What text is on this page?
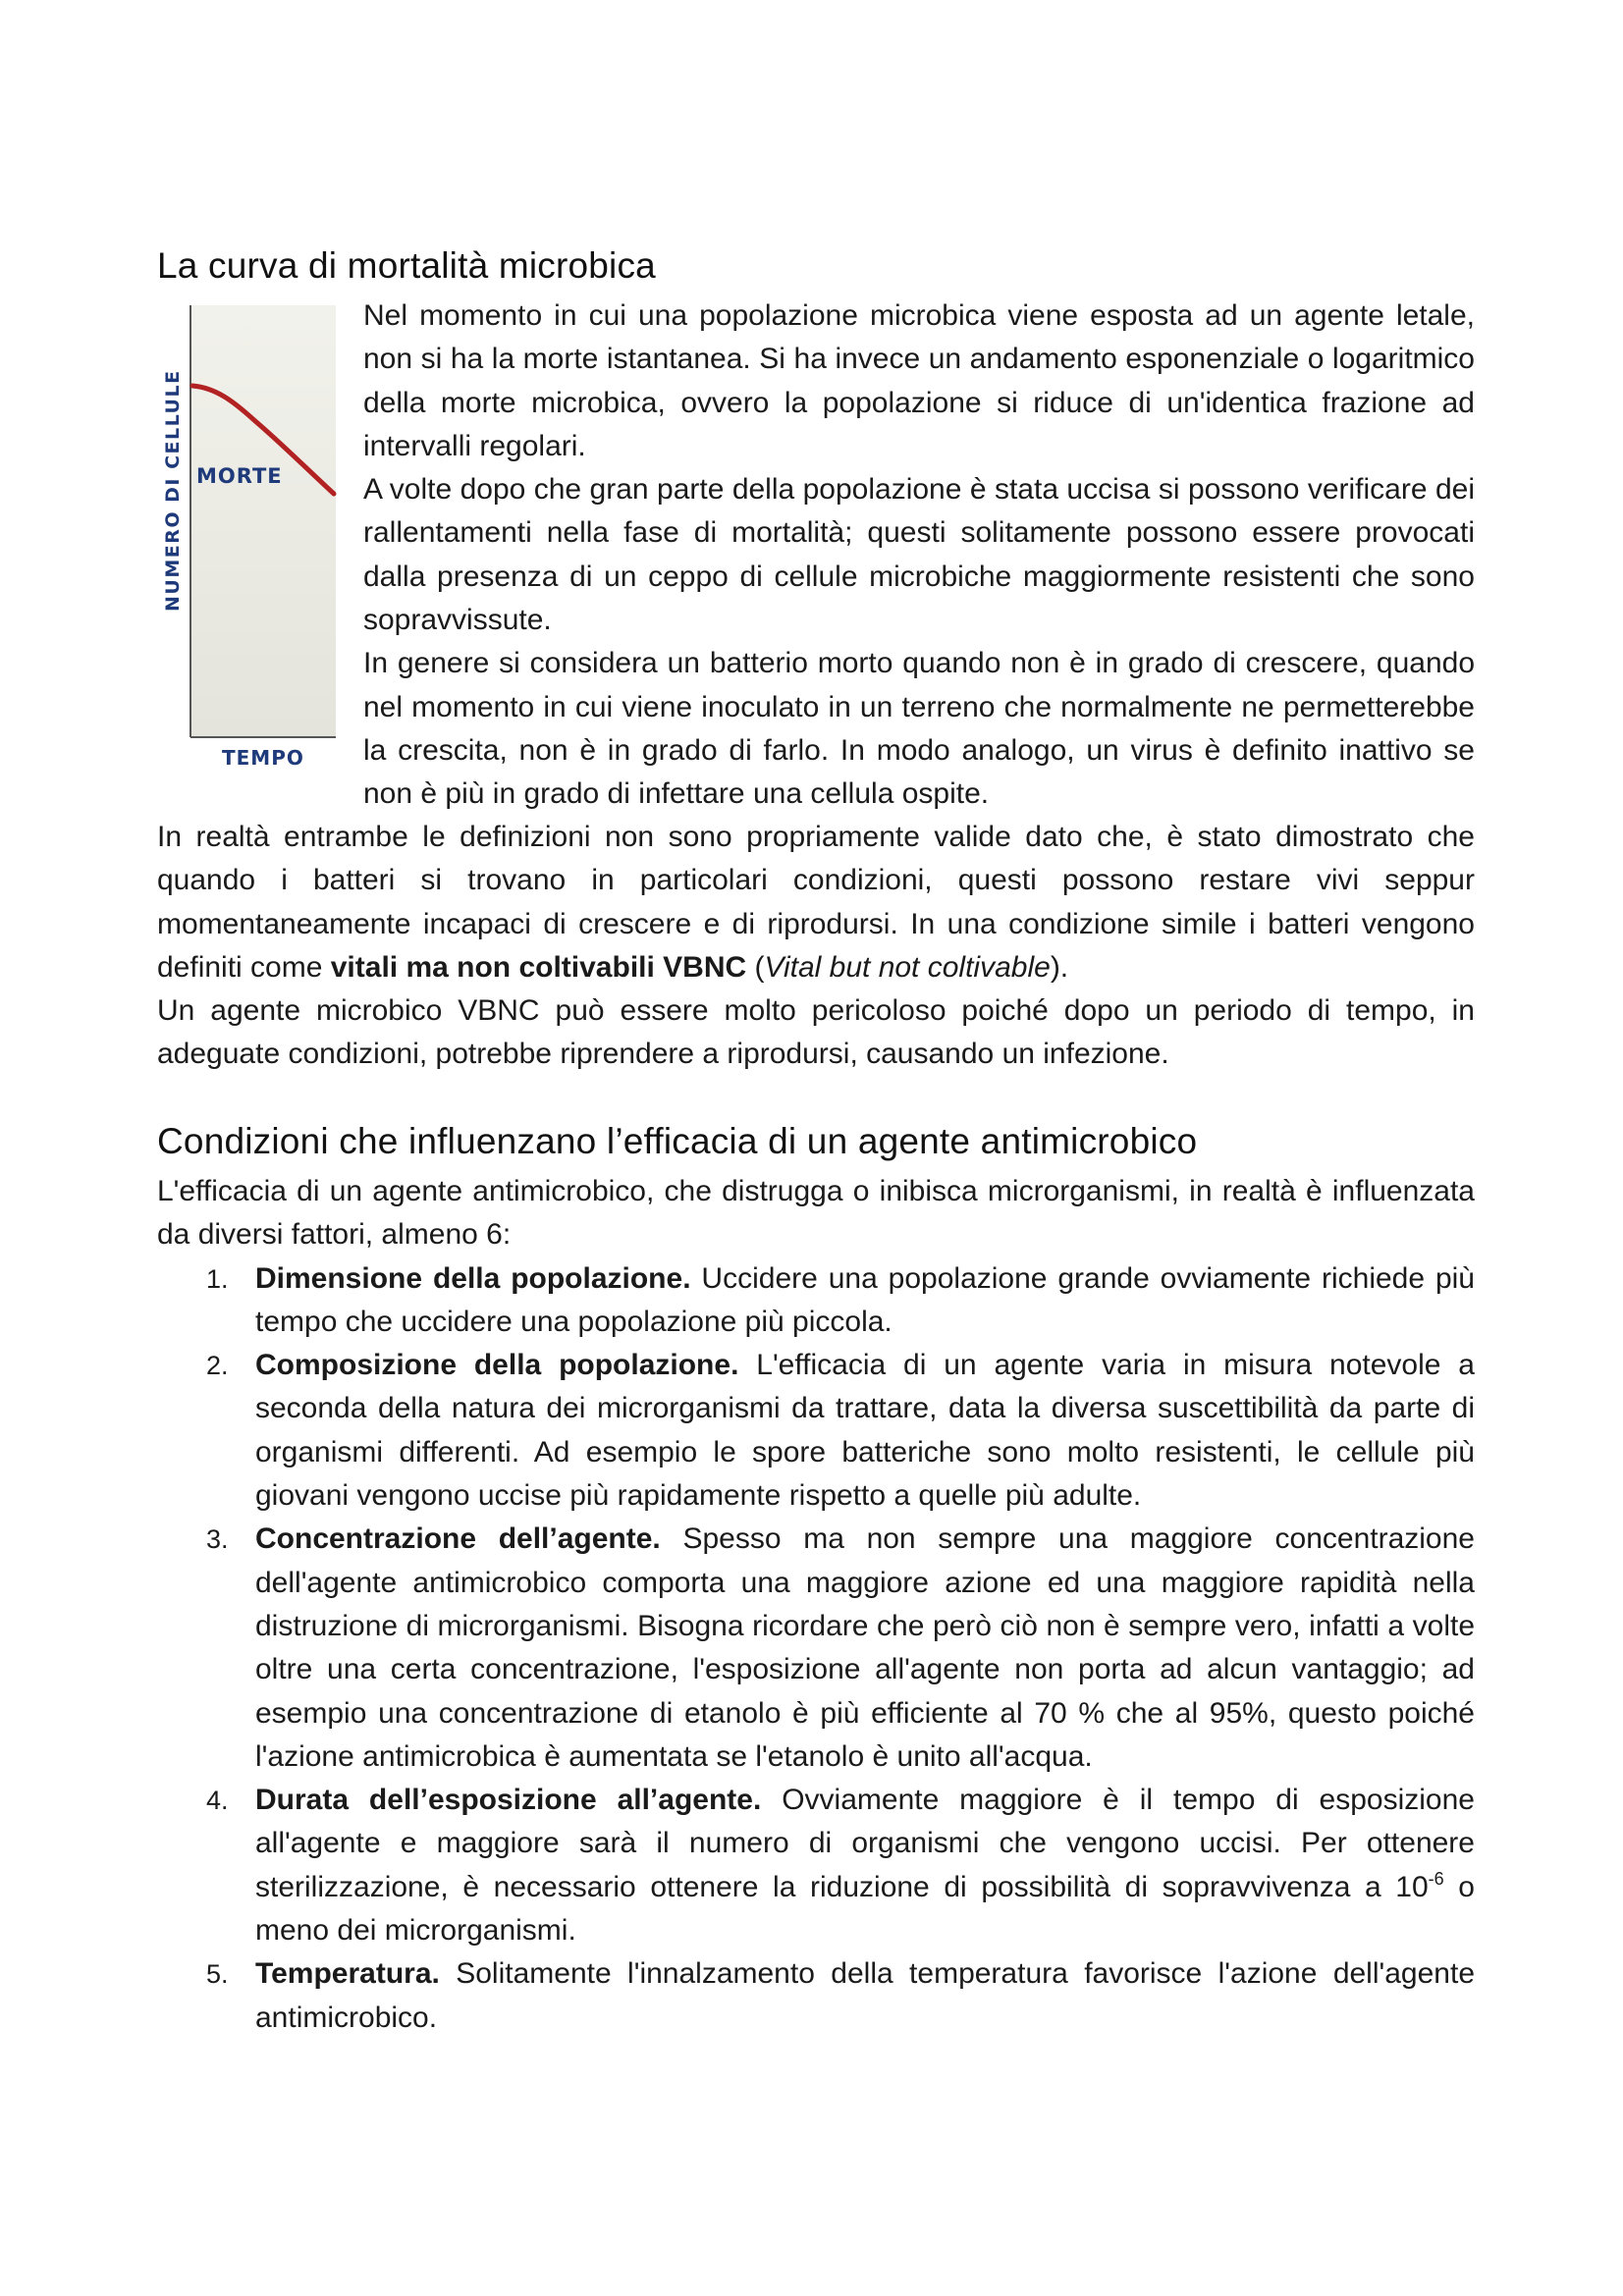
La curva di mortalità microbica
NUMERO DI CELLULE MORTE
TEMPO

Nel momento in cui una popolazione microbica viene esposta ad un agente letale, non si ha la morte istantanea. Si ha invece un andamento esponenziale o logaritmico della morte microbica, ovvero la popolazione si riduce di un'identica frazione ad intervalli regolari.

A volte dopo che gran parte della popolazione è stata uccisa si possono verificare dei rallentamenti nella fase di mortalità; questi solitamente possono essere provocati dalla presenza di un ceppo di cellule microbiche maggiormente resistenti che sono sopravvissute.

In genere si considera un batterio morto quando non è in grado di crescere, quando nel momento in cui viene inoculato in un terreno che normalmente ne permetterebbe la crescita, non è in grado di farlo. In modo analogo, un virus è definito inattivo se non è più in grado di infettare una cellula ospite.

In realtà entrambe le definizioni non sono propriamente valide dato che, è stato dimostrato che quando i batteri si trovano in particolari condizioni, questi possono restare vivi seppur momentaneamente incapaci di crescere e di riprodursi. In una condizione simile i batteri vengono definiti come vitali ma non coltivabili VBNC (Vital but not coltivable).

Un agente microbico VBNC può essere molto pericoloso poiché dopo un periodo di tempo, in adeguate condizioni, potrebbe riprendere a riprodursi, causando un infezione.

Condizioni che influenzano l’efficacia di un agente antimicrobico

L'efficacia di un agente antimicrobico, che distrugga o inibisca microrganismi, in realtà è influenzata da diversi fattori, almeno 6:

1. Dimensione della popolazione. Uccidere una popolazione grande ovviamente richiede più tempo che uccidere una popolazione più piccola.
2. Composizione della popolazione. L'efficacia di un agente varia in misura notevole a seconda della natura dei microrganismi da trattare, data la diversa suscettibilità da parte di organismi differenti. Ad esempio le spore batteriche sono molto resistenti, le cellule più giovani vengono uccise più rapidamente rispetto a quelle più adulte.
3. Concentrazione dell’agente. Spesso ma non sempre una maggiore concentrazione dell'agente antimicrobico comporta una maggiore azione ed una maggiore rapidità nella distruzione di microrganismi. Bisogna ricordare che però ciò non è sempre vero, infatti a volte oltre una certa concentrazione, l'esposizione all'agente non porta ad alcun vantaggio; ad esempio una concentrazione di etanolo è più efficiente al 70 % che al 95%, questo poiché l'azione antimicrobica è aumentata se l'etanolo è unito all'acqua.
4. Durata dell’esposizione all’agente. Ovviamente maggiore è il tempo di esposizione all'agente e maggiore sarà il numero di organismi che vengono uccisi. Per ottenere sterilizzazione, è necessario ottenere la riduzione di possibilità di sopravvivenza a $10^{-6}$ o meno dei microrganismi.
5. Temperatura. Solitamente l'innalzamento della temperatura favorisce l'azione dell'agente antimicrobico.
